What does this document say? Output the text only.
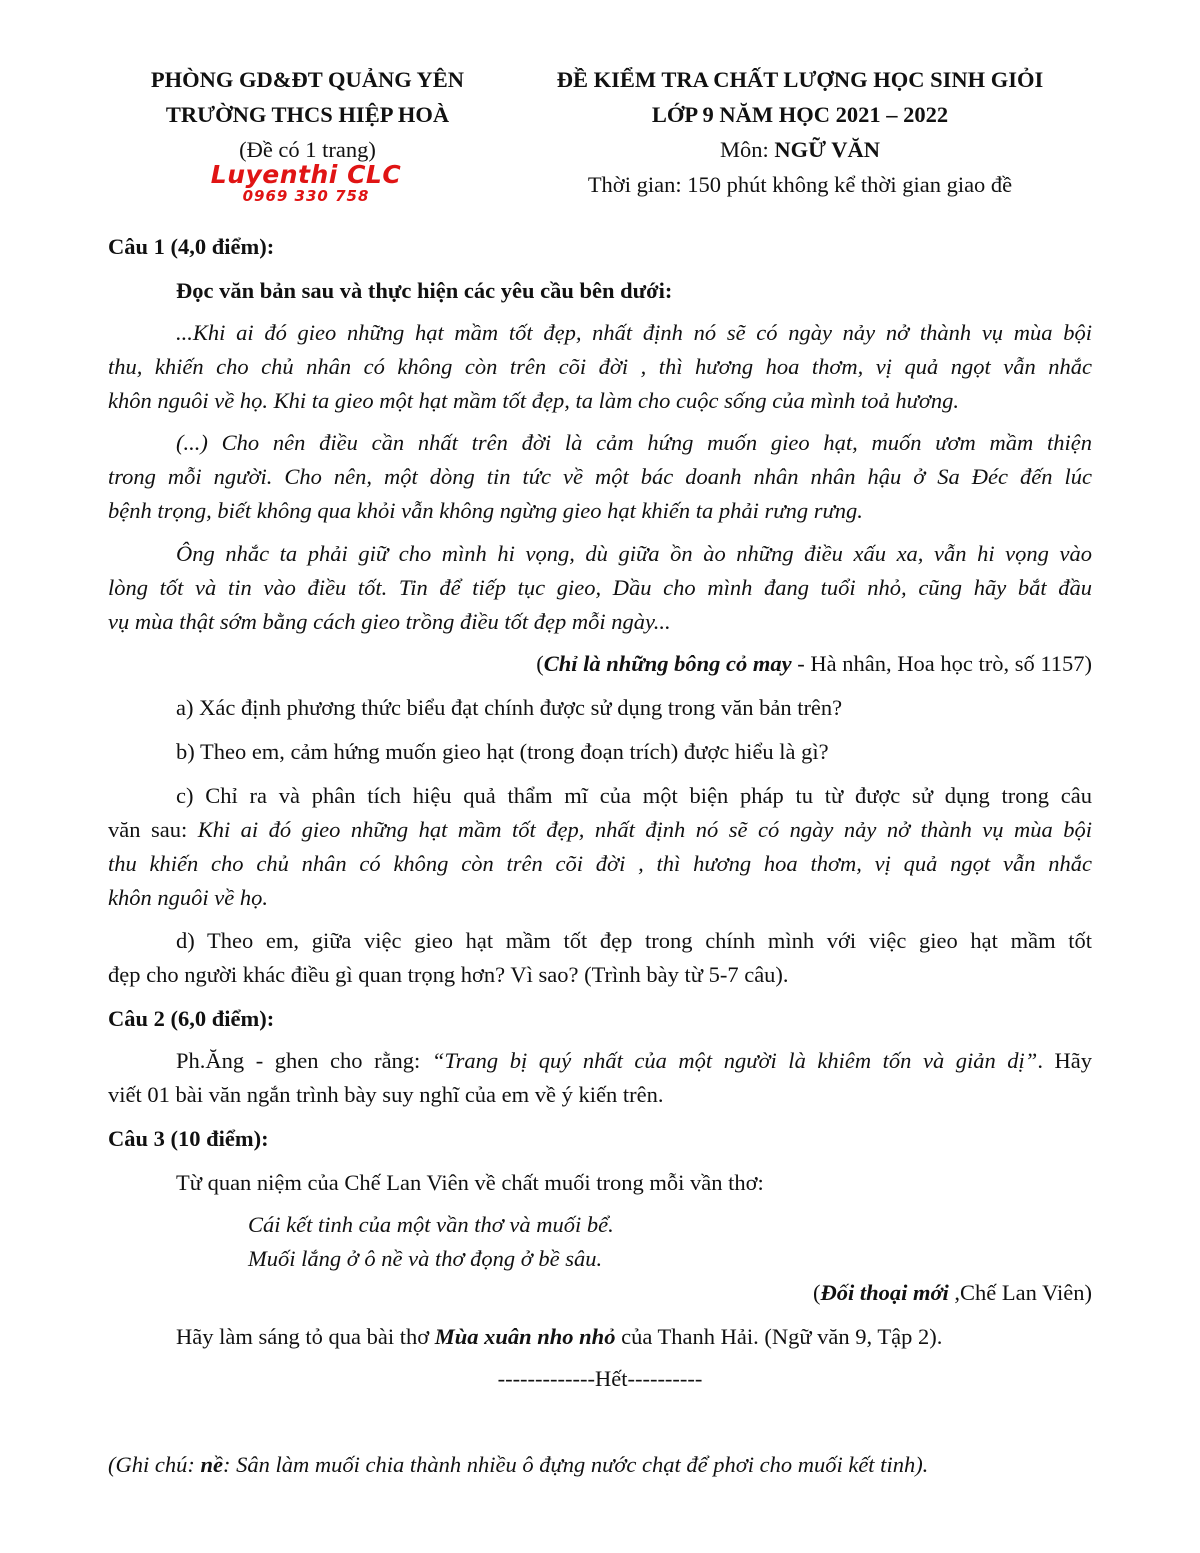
PHÒNG GD&ĐT QUẢNG YÊN
TRƯỜNG THCS HIỆP HOÀ
(Đề có 1 trang)
Luyenthi CLC
0969 330 758
ĐỀ KIỂM TRA CHẤT LƯỢNG HỌC SINH GIỎI
LỚP 9 NĂM HỌC 2021 – 2022
Môn: NGỮ VĂN
Thời gian: 150 phút không kể thời gian giao đề
Câu 1 (4,0 điểm):
Đọc văn bản sau và thực hiện các yêu cầu bên dưới:
...Khi ai đó gieo những hạt mầm tốt đẹp, nhất định nó sẽ có ngày nảy nở thành vụ mùa bội
thu, khiến cho chủ nhân có không còn trên cõi đời , thì hương hoa thơm, vị quả ngọt vẫn nhắc
khôn nguôi về họ. Khi ta gieo một hạt mầm tốt đẹp, ta làm cho cuộc sống của mình toả hương.
(...) Cho nên điều cần nhất trên đời là cảm hứng muốn gieo hạt, muốn ươm mầm thiện
trong mỗi người. Cho nên, một dòng tin tức về một bác doanh nhân nhân hậu ở Sa Đéc đến lúc
bệnh trọng, biết không qua khỏi vẫn không ngừng gieo hạt khiến ta phải rưng rưng.
Ông nhắc ta phải giữ cho mình hi vọng, dù giữa ồn ào những điều xấu xa, vẫn hi vọng vào
lòng tốt và tin vào điều tốt. Tin để tiếp tục gieo, Dầu cho mình đang tuổi nhỏ, cũng hãy bắt đầu
vụ mùa thật sớm bằng cách gieo trồng điều tốt đẹp mỗi ngày...
(Chỉ là những bông cỏ may - Hà nhân, Hoa học trò, số 1157)
a) Xác định phương thức biểu đạt chính được sử dụng trong văn bản trên?
b) Theo em, cảm hứng muốn gieo hạt (trong đoạn trích) được hiểu là gì?
c) Chỉ ra và phân tích hiệu quả thẩm mĩ của một biện pháp tu từ được sử dụng trong câu
văn sau: Khi ai đó gieo những hạt mầm tốt đẹp, nhất định nó sẽ có ngày nảy nở thành vụ mùa bội
thu khiến cho chủ nhân có không còn trên cõi đời , thì hương hoa thơm, vị quả ngọt vẫn nhắc
khôn nguôi về họ.
d) Theo em, giữa việc gieo hạt mầm tốt đẹp trong chính mình với việc gieo hạt mầm tốt
đẹp cho người khác điều gì quan trọng hơn? Vì sao? (Trình bày từ 5-7 câu).
Câu 2 (6,0 điểm):
Ph.Ăng - ghen cho rằng: “Trang bị quý nhất của một người là khiêm tốn và giản dị”. Hãy
viết 01 bài văn ngắn trình bày suy nghĩ của em về ý kiến trên.
Câu 3 (10 điểm):
Từ quan niệm của Chế Lan Viên về chất muối trong mỗi vần thơ:
Cái kết tinh của một vần thơ và muối bể.
Muối lắng ở ô nề và thơ đọng ở bề sâu.
(Đối thoại mới ,Chế Lan Viên)
Hãy làm sáng tỏ qua bài thơ Mùa xuân nho nhỏ của Thanh Hải. (Ngữ văn 9, Tập 2).
-------------Hết----------
(Ghi chú: nề: Sân làm muối chia thành nhiều ô đựng nước chạt để phơi cho muối kết tinh).
